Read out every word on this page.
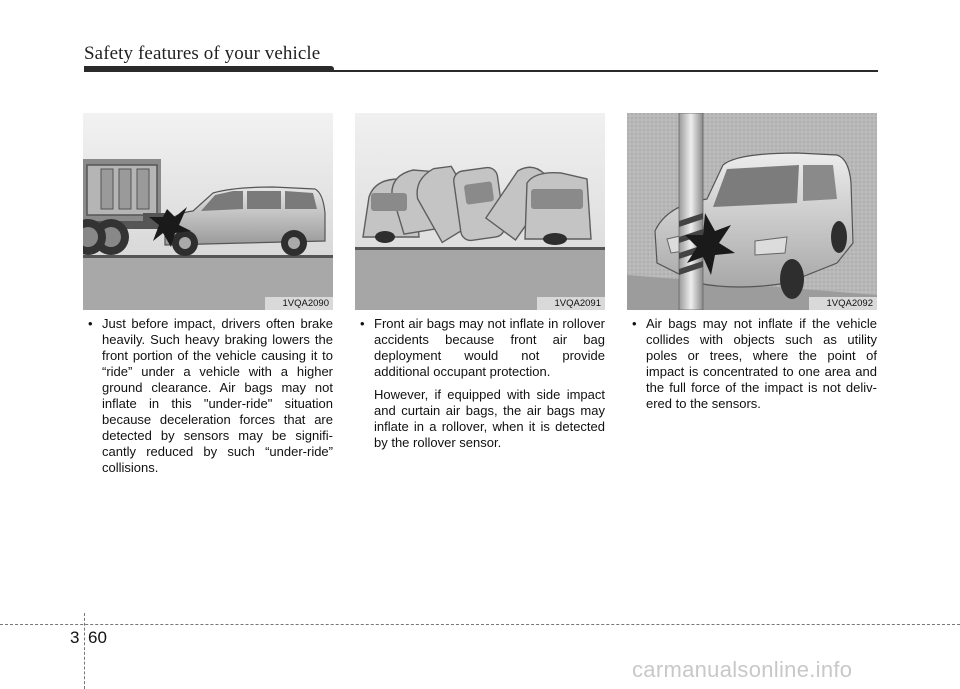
Safety features of your vehicle
1VQA2090	1VQA2091	1VQA2092

• Just before impact, drivers often brake heavily. Such heavy braking lowers the front portion of the vehicle causing it to “ride” under a vehicle with a higher ground clearance. Air bags may not inflate in this "under-ride" situation because deceleration forces that are detected by sensors may be signifi-cantly reduced by such “under-ride” collisions.

• Front air bags may not inflate in rollover accidents because front air bag deployment would not provide additional occupant protection.

However, if equipped with side impact and curtain air bags, the air bags may inflate in a rollover, when it is detected by the rollover sensor.

• Air bags may not inflate if the vehicle collides with objects such as utility poles or trees, where the point of impact is concentrated to one area and the full force of the impact is not deliv-ered to the sensors.

3 60
carmanualsonline.info
